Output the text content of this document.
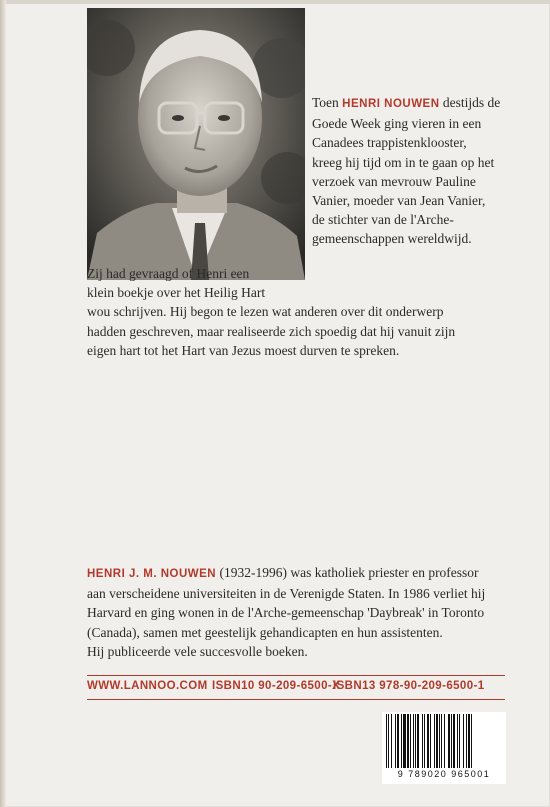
Toen HENRI NOUWEN destijds de

Goede Week ging vieren in een

Canadees trappistenklooster,

kreeg hij tijd om in te gaan op het

verzoek van mevrouw Pauline

Vanier, moeder van Jean Vanier,

de stichter van de l'Arche-

gemeenschappen wereldwijd.

Zij had gevraagd of Henri een

klein boekje over het Heilig Hart

wou schrijven. Hij begon te lezen wat anderen over dit onderwerp

hadden geschreven, maar realiseerde zich spoedig dat hij vanuit zijn

eigen hart tot het Hart van Jezus moest durven te spreken.

HENRI J. M. NOUWEN (1932-1996) was katholiek priester en professor

aan verscheidene universiteiten in de Verenigde Staten. In 1986 verliet hij

Harvard en ging wonen in de l'Arche-gemeenschap 'Daybreak' in Toronto

(Canada), samen met geestelijk gehandicapten en hun assistenten.

Hij publiceerde vele succesvolle boeken.

WWW.LANNOO.COM ISBN10 90-209-6500-X
ISBN13 978-90-209-6500-1
9 789020 965001
